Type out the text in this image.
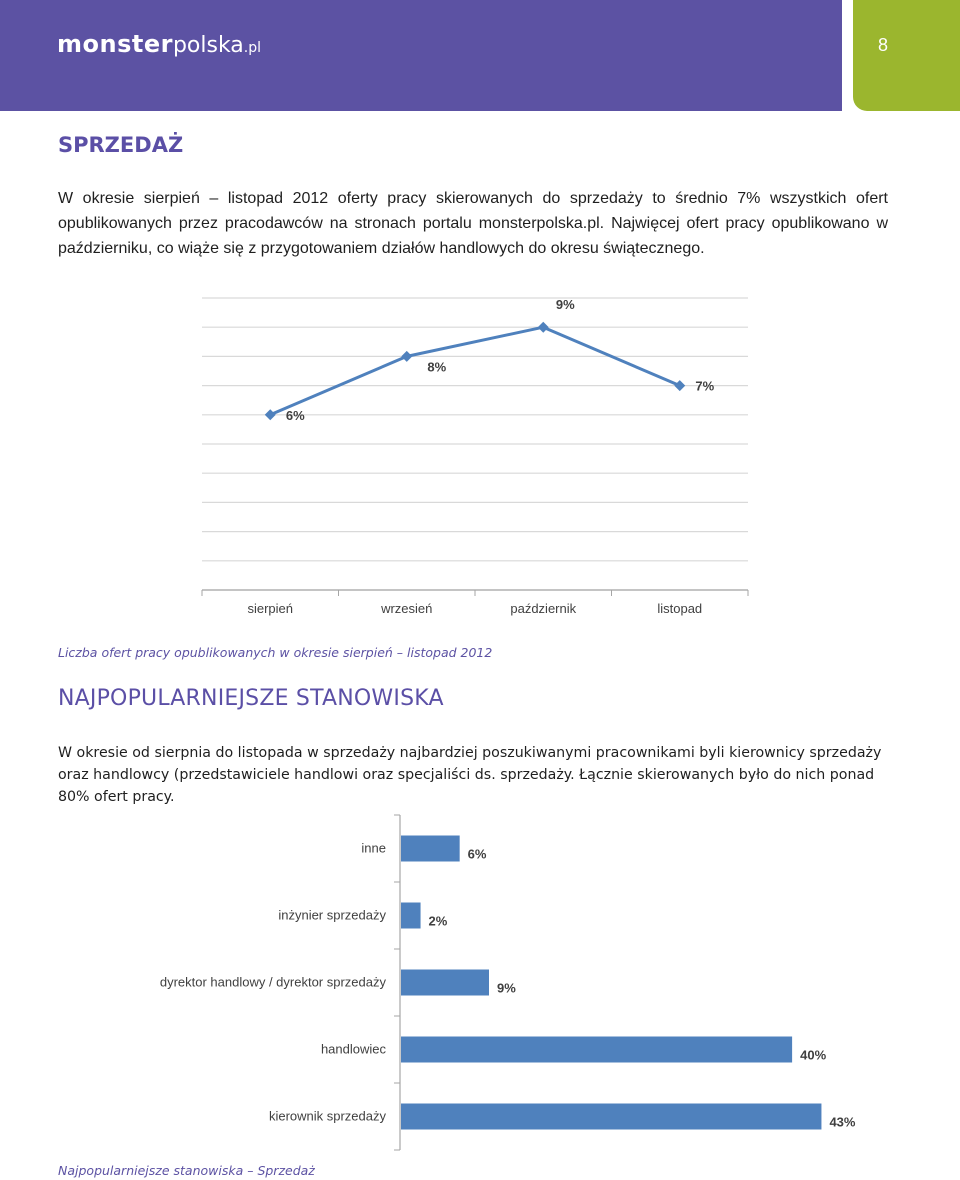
monsterpolska.pl	8
SPRZEDAŻ

W okresie sierpień – listopad 2012 oferty pracy skierowanych do sprzedaży to średnio 7% wszystkich ofert opublikowanych przez pracodawców na stronach portalu monsterpolska.pl. Najwięcej ofert pracy opublikowano w październiku, co wiąże się z przygotowaniem działów handlowych do okresu świątecznego.

sierpień	wrzesień	październik	listopad
6%
8%
9%
7%

Liczba ofert pracy opublikowanych w okresie sierpień – listopad 2012

NAJPOPULARNIEJSZE STANOWISKA

W okresie od sierpnia do listopada w sprzedaży najbardziej poszukiwanymi pracownikami byli kierownicy sprzedaży oraz handlowcy (przedstawiciele handlowi oraz specjaliści ds. sprzedaży. Łącznie skierowanych było do nich ponad 80% ofert pracy.

inne	6%
inżynier sprzedaży	2%
dyrektor handlowy / dyrektor sprzedaży	9%
handlowiec	40%
kierownik sprzedaży	43%

Najpopularniejsze stanowiska – Sprzedaż
